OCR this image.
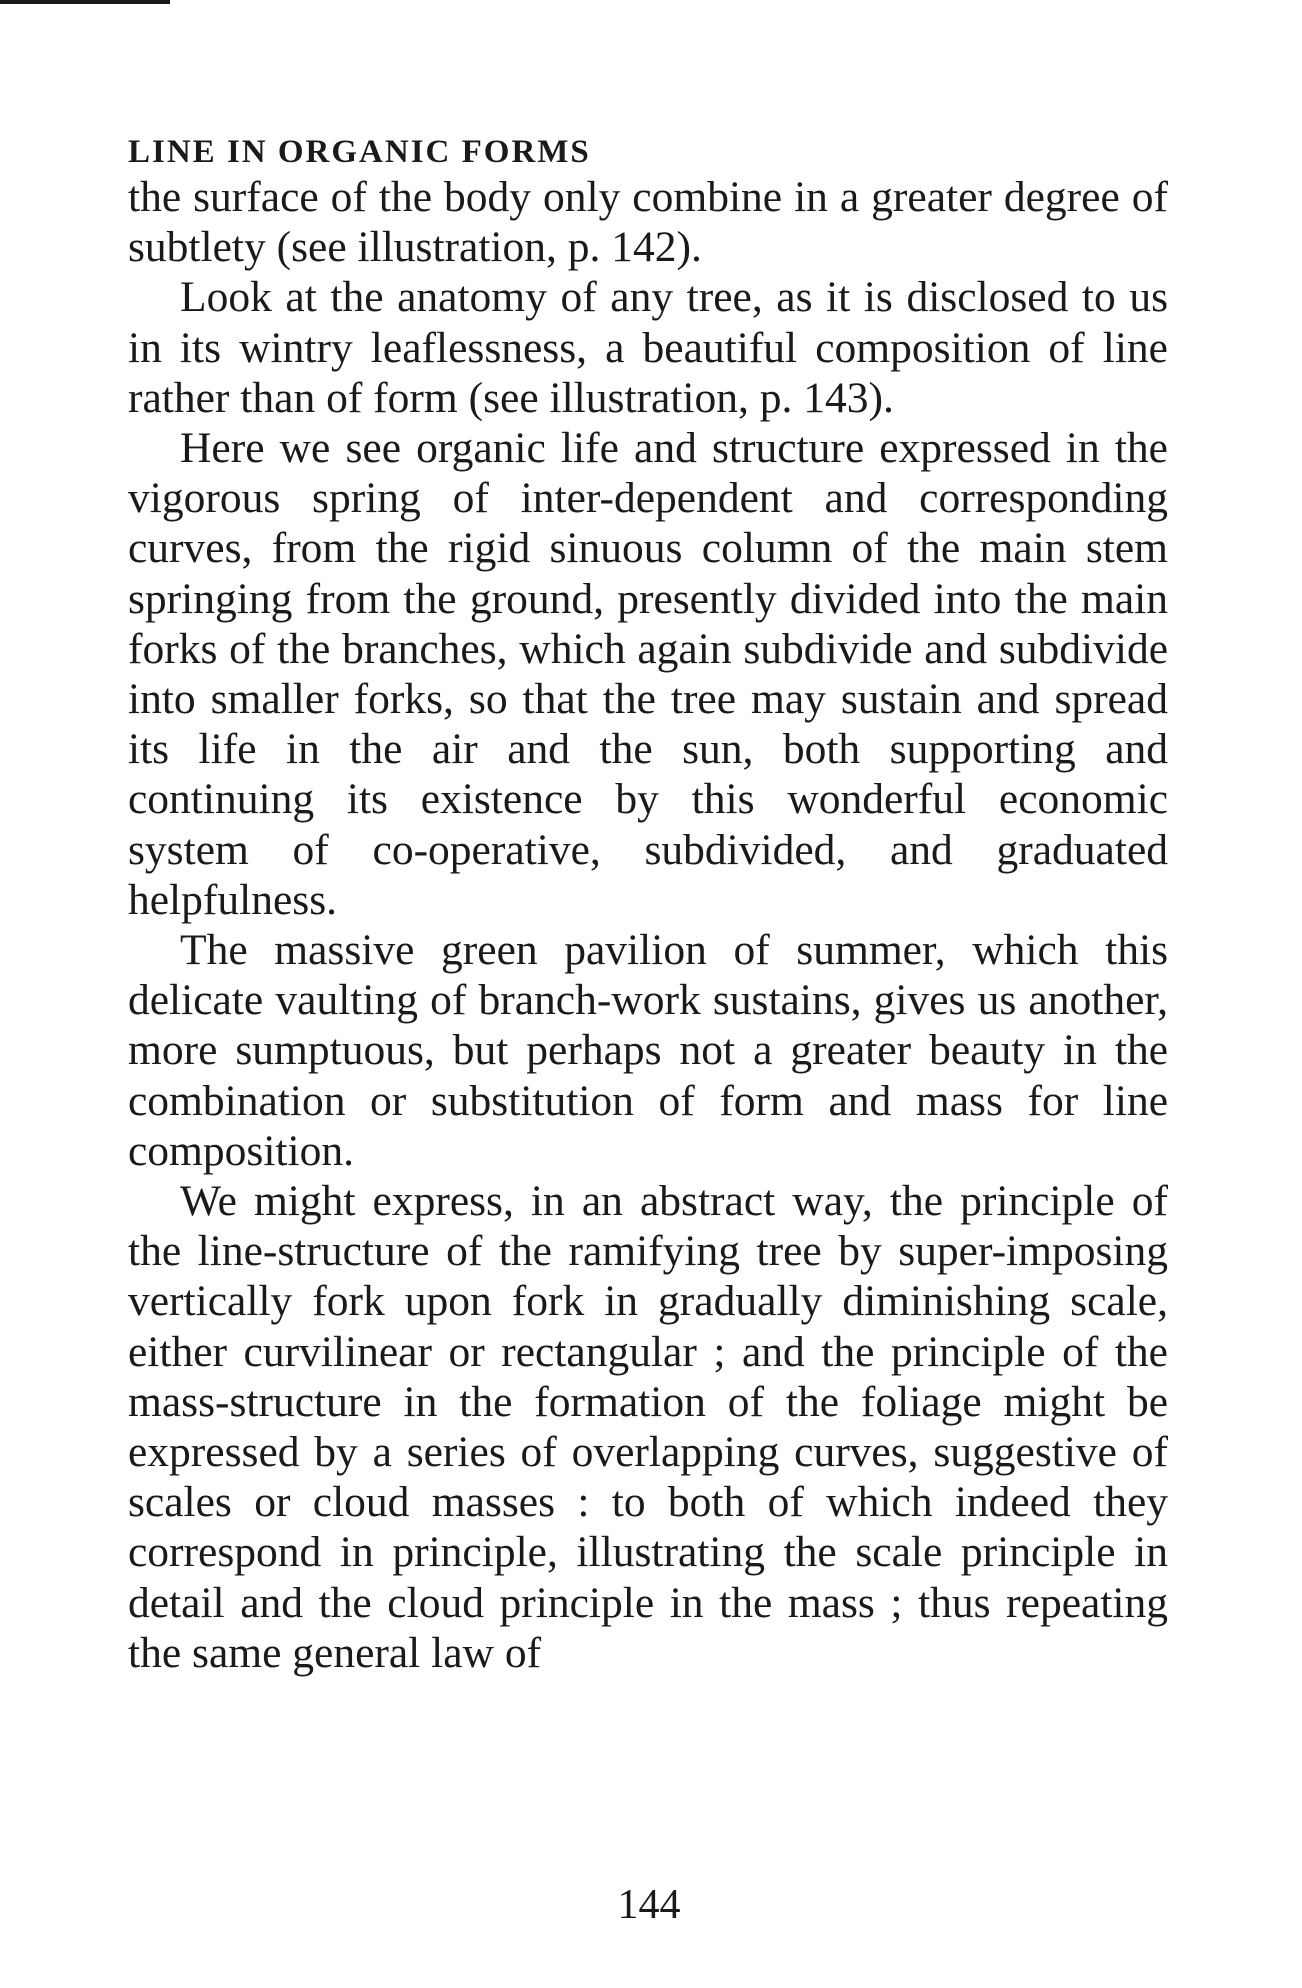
LINE IN ORGANIC FORMS

the surface of the body only combine in a greater degree of subtlety (see illustration, p. 142).

Look at the anatomy of any tree, as it is disclosed to us in its wintry leaflessness, a beautiful composition of line rather than of form (see illustration, p. 143).

Here we see organic life and structure expressed in the vigorous spring of inter-dependent and corresponding curves, from the rigid sinuous column of the main stem springing from the ground, presently divided into the main forks of the branches, which again subdivide and subdivide into smaller forks, so that the tree may sustain and spread its life in the air and the sun, both supporting and continuing its existence by this wonderful economic system of co-operative, subdivided, and graduated helpfulness.

The massive green pavilion of summer, which this delicate vaulting of branch-work sustains, gives us another, more sumptuous, but perhaps not a greater beauty in the combination or substitution of form and mass for line composition.

We might express, in an abstract way, the principle of the line-structure of the ramifying tree by super-imposing vertically fork upon fork in gradually diminishing scale, either curvilinear or rectangular ; and the principle of the mass-structure in the formation of the foliage might be expressed by a series of overlapping curves, suggestive of scales or cloud masses : to both of which indeed they correspond in principle, illustrating the scale principle in detail and the cloud principle in the mass ; thus repeating the same general law of

144
